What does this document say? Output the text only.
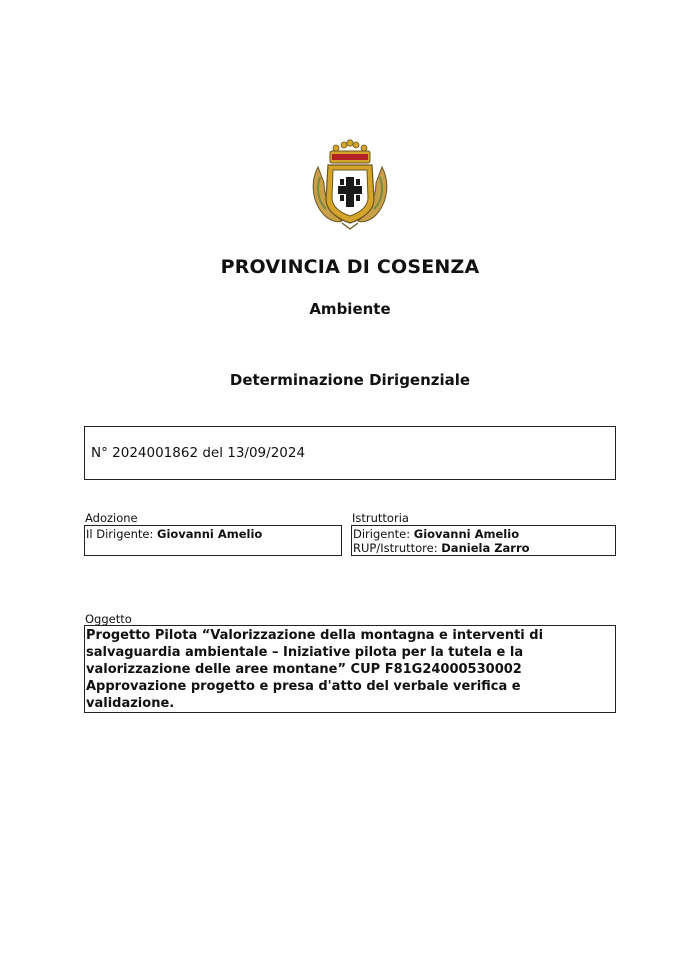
PROVINCIA DI COSENZA
Ambiente
Determinazione Dirigenziale
N° 2024001862 del 13/09/2024
Adozione	Istruttoria
Il Dirigente: Giovanni Amelio	Dirigente: Giovanni Amelio
RUP/Istruttore: Daniela Zarro
Oggetto
Progetto Pilota “Valorizzazione della montagna e interventi di
salvaguardia ambientale – Iniziative pilota per la tutela e la
valorizzazione delle aree montane” CUP F81G24000530002
Approvazione progetto e presa d'atto del verbale verifica e
validazione.
